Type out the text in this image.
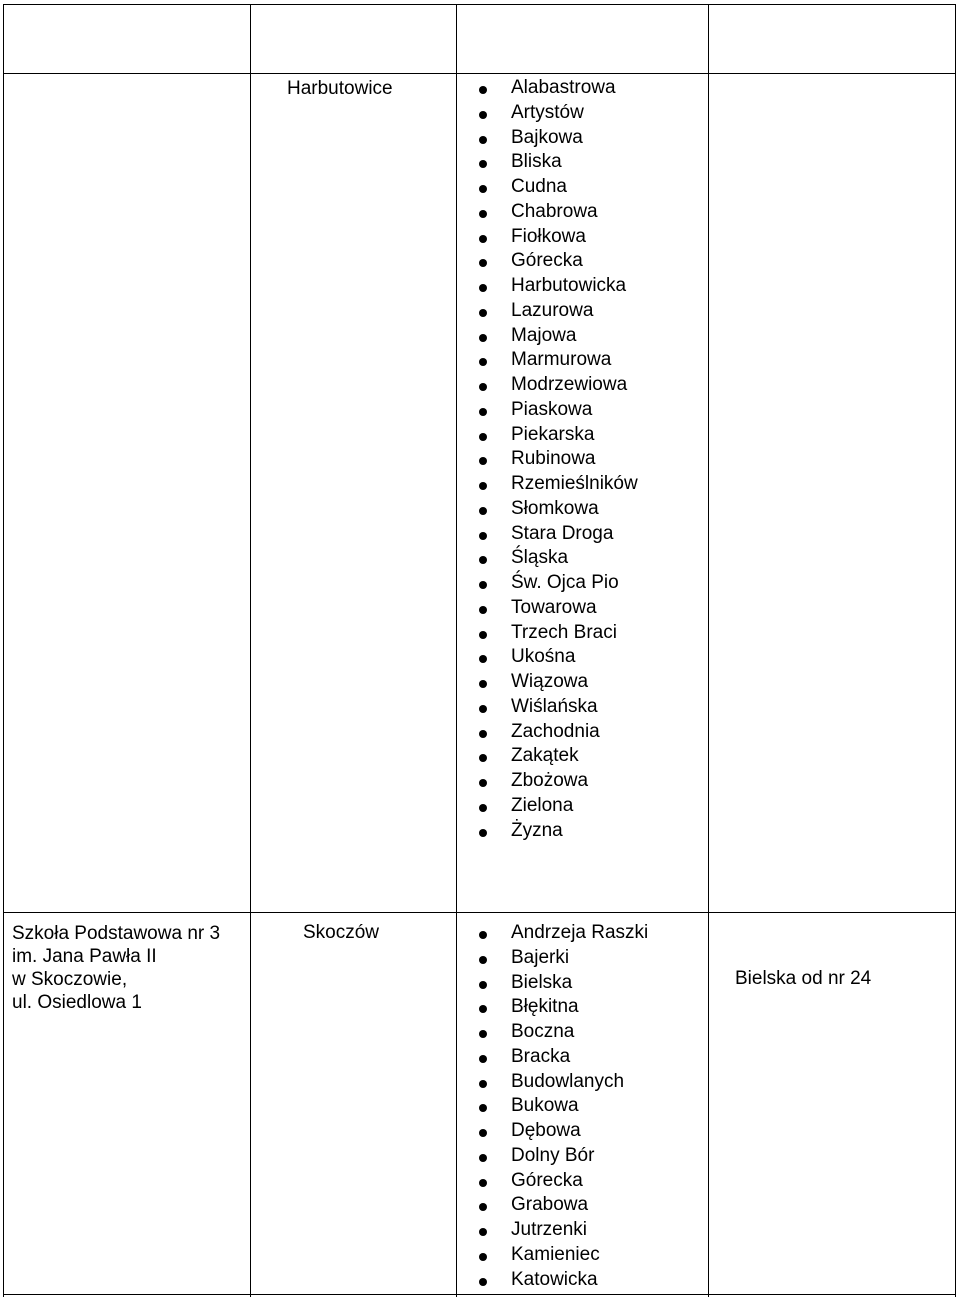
Harbutowice	Alabastrowa
Artystów
Bajkowa
Bliska
Cudna
Chabrowa
Fiołkowa
Górecka
Harbutowicka
Lazurowa
Majowa
Marmurowa
Modrzewiowa
Piaskowa
Piekarska
Rubinowa
Rzemieślników
Słomkowa
Stara Droga
Śląska
Św. Ojca Pio
Towarowa
Trzech Braci
Ukośna
Wiązowa
Wiślańska
Zachodnia
Zakątek
Zbożowa
Zielona
Żyzna
Szkoła Podstawowa nr 3
im. Jana Pawła II
w Skoczowie,
ul. Osiedlowa 1
Skoczów	Andrzeja Raszki
Bajerki
Bielska
Błękitna
Boczna
Bracka
Budowlanych
Bukowa
Dębowa
Dolny Bór
Górecka
Grabowa
Jutrzenki
Kamieniec
Katowicka
Bielska od nr 24
